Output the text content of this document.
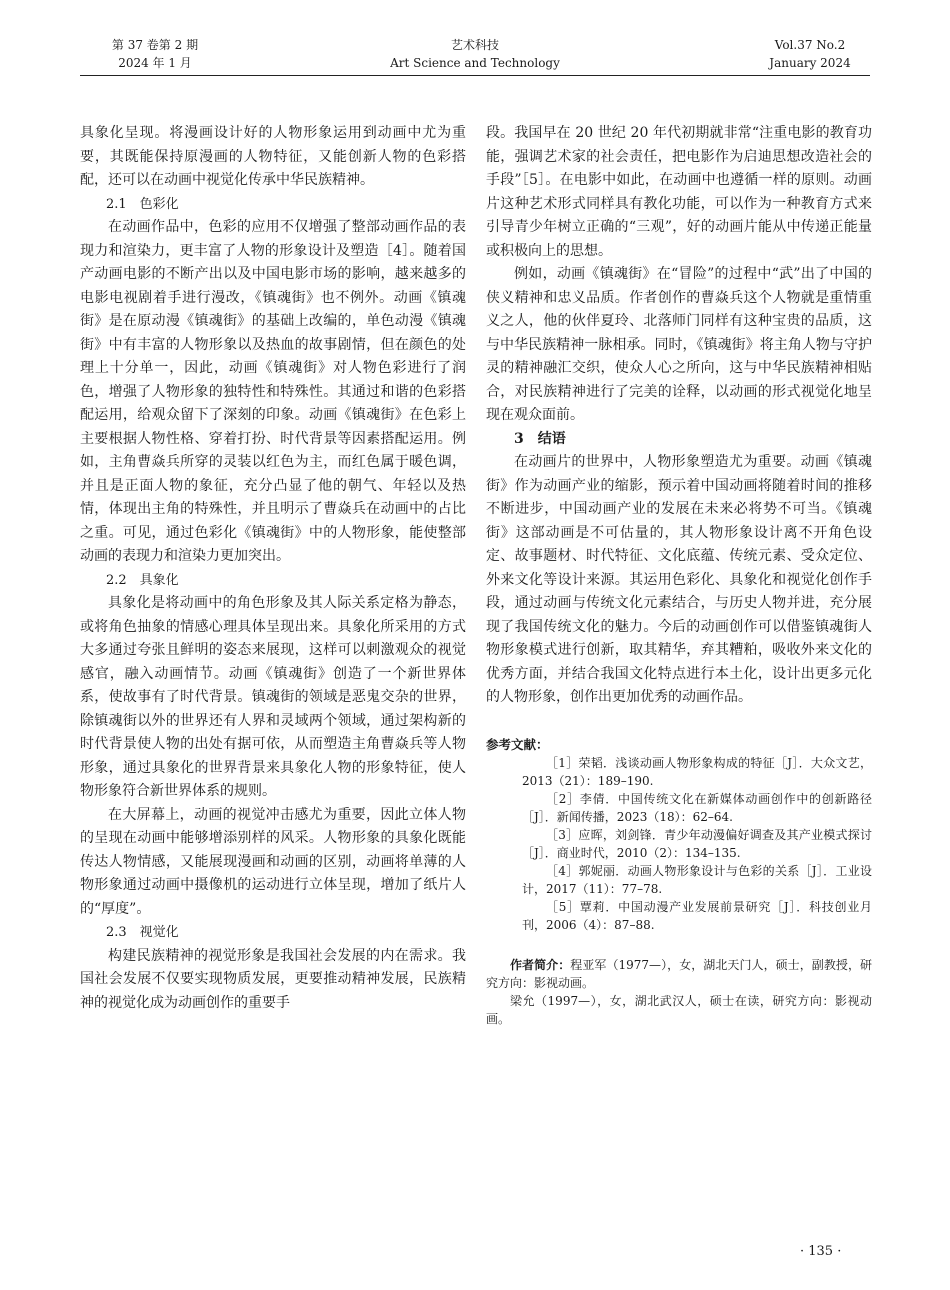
第 37 卷第 2 期
2024 年 1 月
艺术科技
Art Science and Technology
Vol.37 No.2
January 2024

具象化呈现。将漫画设计好的人物形象运用到动画中尤为重要，其既能保持原漫画的人物特征，又能创新人物的色彩搭配，还可以在动画中视觉化传承中华民族精神。

2.1　色彩化

在动画作品中，色彩的应用不仅增强了整部动画作品的表现力和渲染力，更丰富了人物的形象设计及塑造［4］。随着国产动画电影的不断产出以及中国电影市场的影响，越来越多的电影电视剧着手进行漫改，《镇魂街》也不例外。动画《镇魂街》是在原动漫《镇魂街》的基础上改编的，单色动漫《镇魂街》中有丰富的人物形象以及热血的故事剧情，但在颜色的处理上十分单一，因此，动画《镇魂街》对人物色彩进行了润色，增强了人物形象的独特性和特殊性。其通过和谐的色彩搭配运用，给观众留下了深刻的印象。动画《镇魂街》在色彩上主要根据人物性格、穿着打扮、时代背景等因素搭配运用。例如，主角曹焱兵所穿的灵装以红色为主，而红色属于暖色调，并且是正面人物的象征，充分凸显了他的朝气、年轻以及热情，体现出主角的特殊性，并且明示了曹焱兵在动画中的占比之重。可见，通过色彩化《镇魂街》中的人物形象，能使整部动画的表现力和渲染力更加突出。

2.2　具象化

具象化是将动画中的角色形象及其人际关系定格为静态，或将角色抽象的情感心理具体呈现出来。具象化所采用的方式大多通过夸张且鲜明的姿态来展现，这样可以刺激观众的视觉感官，融入动画情节。动画《镇魂街》创造了一个新世界体系，使故事有了时代背景。镇魂街的领域是恶鬼交杂的世界，除镇魂街以外的世界还有人界和灵域两个领域，通过架构新的时代背景使人物的出处有据可依，从而塑造主角曹焱兵等人物形象，通过具象化的世界背景来具象化人物的形象特征，使人物形象符合新世界体系的规则。

在大屏幕上，动画的视觉冲击感尤为重要，因此立体人物的呈现在动画中能够增添别样的风采。人物形象的具象化既能传达人物情感，又能展现漫画和动画的区别，动画将单薄的人物形象通过动画中摄像机的运动进行立体呈现，增加了纸片人的“厚度”。

2.3　视觉化

构建民族精神的视觉形象是我国社会发展的内在需求。我国社会发展不仅要实现物质发展，更要推动精神发展，民族精神的视觉化成为动画创作的重要手

段。我国早在 20 世纪 20 年代初期就非常“注重电影的教育功能，强调艺术家的社会责任，把电影作为启迪思想改造社会的手段”［5］。在电影中如此，在动画中也遵循一样的原则。动画片这种艺术形式同样具有教化功能，可以作为一种教育方式来引导青少年树立正确的“三观”，好的动画片能从中传递正能量或积极向上的思想。

例如，动画《镇魂街》在“冒险”的过程中“武”出了中国的侠义精神和忠义品质。作者创作的曹焱兵这个人物就是重情重义之人，他的伙伴夏玲、北落师门同样有这种宝贵的品质，这与中华民族精神一脉相承。同时，《镇魂街》将主角人物与守护灵的精神融汇交织，使众人心之所向，这与中华民族精神相贴合，对民族精神进行了完美的诠释，以动画的形式视觉化地呈现在观众面前。

3　结语

在动画片的世界中，人物形象塑造尤为重要。动画《镇魂街》作为动画产业的缩影，预示着中国动画将随着时间的推移不断进步，中国动画产业的发展在未来必将势不可当。《镇魂街》这部动画是不可估量的，其人物形象设计离不开角色设定、故事题材、时代特征、文化底蕴、传统元素、受众定位、外来文化等设计来源。其运用色彩化、具象化和视觉化创作手段，通过动画与传统文化元素结合，与历史人物并进，充分展现了我国传统文化的魅力。今后的动画创作可以借鉴镇魂街人物形象模式进行创新，取其精华，弃其糟粕，吸收外来文化的优秀方面，并结合我国文化特点进行本土化，设计出更多元化的人物形象，创作出更加优秀的动画作品。

参考文献：

［1］荣韬．浅谈动画人物形象构成的特征［J］．大众文艺，2013（21）：189–190.

［2］李倩．中国传统文化在新媒体动画创作中的创新路径［J］．新闻传播，2023（18）：62–64.

［3］应晖，刘剑锋．青少年动漫偏好调查及其产业模式探讨［J］．商业时代，2010（2）：134–135.

［4］郭妮丽．动画人物形象设计与色彩的关系［J］．工业设计，2017（11）：77–78.

［5］覃莉．中国动漫产业发展前景研究［J］．科技创业月刊，2006（4）：87–88.

作者简介：程亚军（1977—），女，湖北天门人，硕士，副教授，研究方向：影视动画。

梁允（1997—），女，湖北武汉人，硕士在读，研究方向：影视动画。

· 135 ·
